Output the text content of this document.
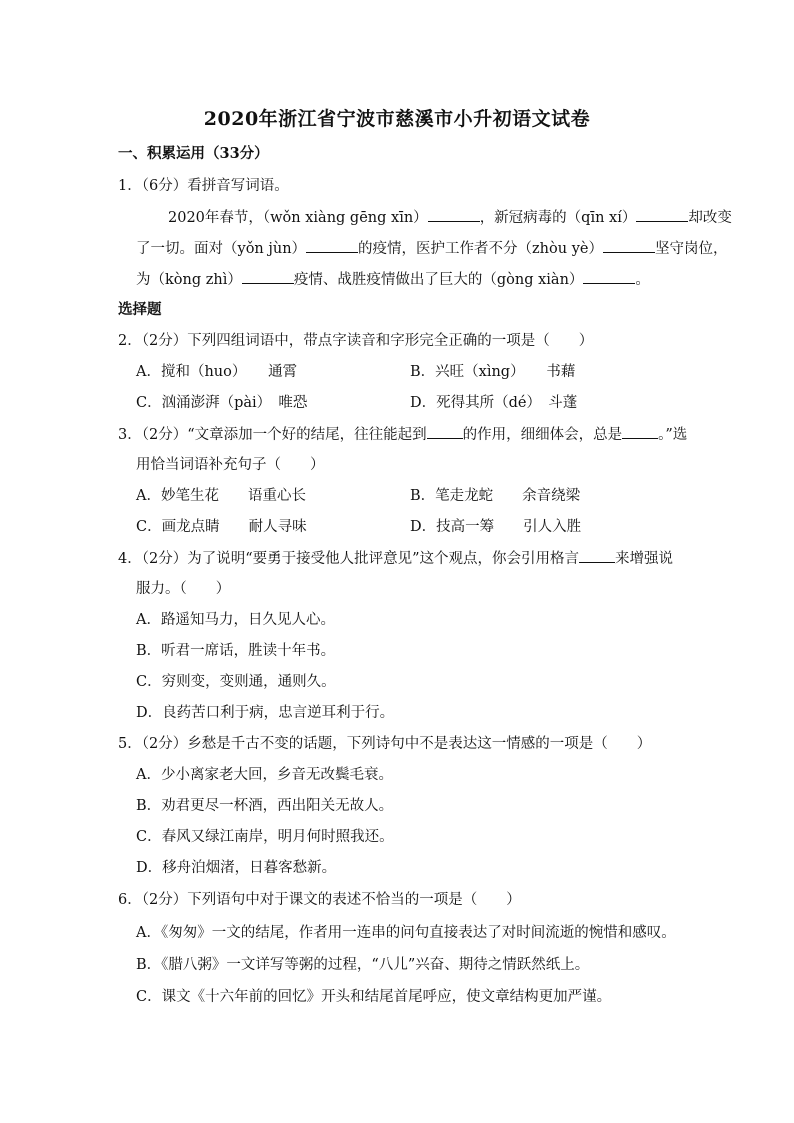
2020年浙江省宁波市慈溪市小升初语文试卷
一、积累运用（33分）
1．（6分）看拼音写词语。
2020年春节，（wǒn xiàng gēng xīn）	，新冠病毒的（qīn xí）	却改变
了一切。面对（yǒn jùn）	的疫情，医护工作者不分（zhòu yè）	坚守岗位，
为（kòng zhì）	疫情、战胜疫情做出了巨大的（gòng xiàn）	。
选择题
2．（2分）下列四组词语中，带点字读音和字形完全正确的一项是（　　）
A．搅和（huo）　　通霄	B．兴旺（xìng）　　书藉
C．汹涌澎湃（pài）　唯恐	D．死得其所（dé）　斗蓬
3．（2分）“文章添加一个好的结尾，往往能起到 的作用，细细体会，总是 。”选
用恰当词语补充句子（　　）
A．妙笔生花　　语重心长	B．笔走龙蛇　　余音绕梁
C．画龙点睛　　耐人寻味	D．技高一筹　　引人入胜
4．（2分）为了说明“要勇于接受他人批评意见”这个观点，你会引用格言 来增强说
服力。（　　）
A．路遥知马力，日久见人心。
B．听君一席话，胜读十年书。
C．穷则变，变则通，通则久。
D．良药苦口利于病，忠言逆耳利于行。
5．（2分）乡愁是千古不变的话题，下列诗句中不是表达这一情感的一项是（　　）
A．少小离家老大回，乡音无改鬓毛衰。
B．劝君更尽一杯酒，西出阳关无故人。
C．春风又绿江南岸，明月何时照我还。
D．移舟泊烟渚，日暮客愁新。
6．（2分）下列语句中对于课文的表述不恰当的一项是（　　）
A．《匆匆》一文的结尾，作者用一连串的问句直接表达了对时间流逝的惋惜和感叹。
B．《腊八粥》一文详写等粥的过程，“八儿”兴奋、期待之情跃然纸上。
C．课文《十六年前的回忆》开头和结尾首尾呼应，使文章结构更加严谨。
